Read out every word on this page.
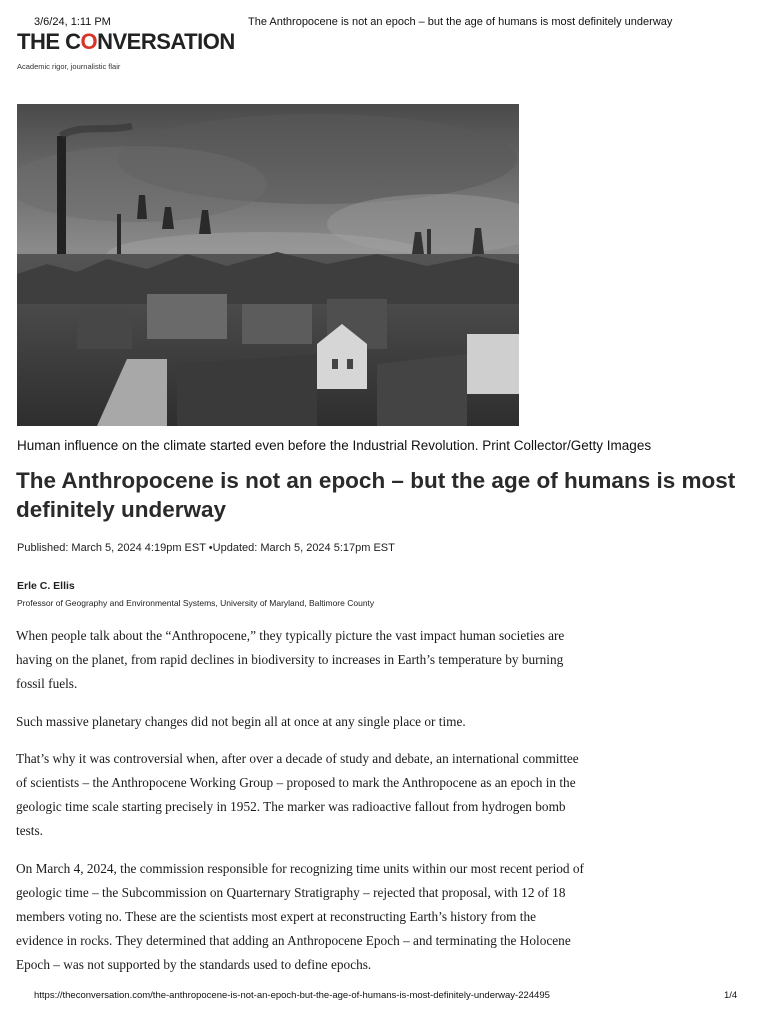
3/6/24, 1:11 PM	The Anthropocene is not an epoch – but the age of humans is most definitely underway
THE CONVERSATION
Academic rigor, journalistic flair
Human influence on the climate started even before the Industrial Revolution. Print Collector/Getty Images
The Anthropocene is not an epoch – but the age of humans is most definitely underway
Published: March 5, 2024 4:19pm EST •Updated: March 5, 2024 5:17pm EST
Erle C. Ellis
Professor of Geography and Environmental Systems, University of Maryland, Baltimore County

When people talk about the “Anthropocene,” they typically picture the vast impact human societies are having on the planet, from rapid declines in biodiversity to increases in Earth’s temperature by burning fossil fuels.

Such massive planetary changes did not begin all at once at any single place or time.

That’s why it was controversial when, after over a decade of study and debate, an international committee of scientists – the Anthropocene Working Group – proposed to mark the Anthropocene as an epoch in the geologic time scale starting precisely in 1952. The marker was radioactive fallout from hydrogen bomb tests.

On March 4, 2024, the commission responsible for recognizing time units within our most recent period of geologic time – the Subcommission on Quarternary Stratigraphy – rejected that proposal, with 12 of 18 members voting no. These are the scientists most expert at reconstructing Earth’s history from the evidence in rocks. They determined that adding an Anthropocene Epoch – and terminating the Holocene Epoch – was not supported by the standards used to define epochs.

https://theconversation.com/the-anthropocene-is-not-an-epoch-but-the-age-of-humans-is-most-definitely-underway-224495	1/4
